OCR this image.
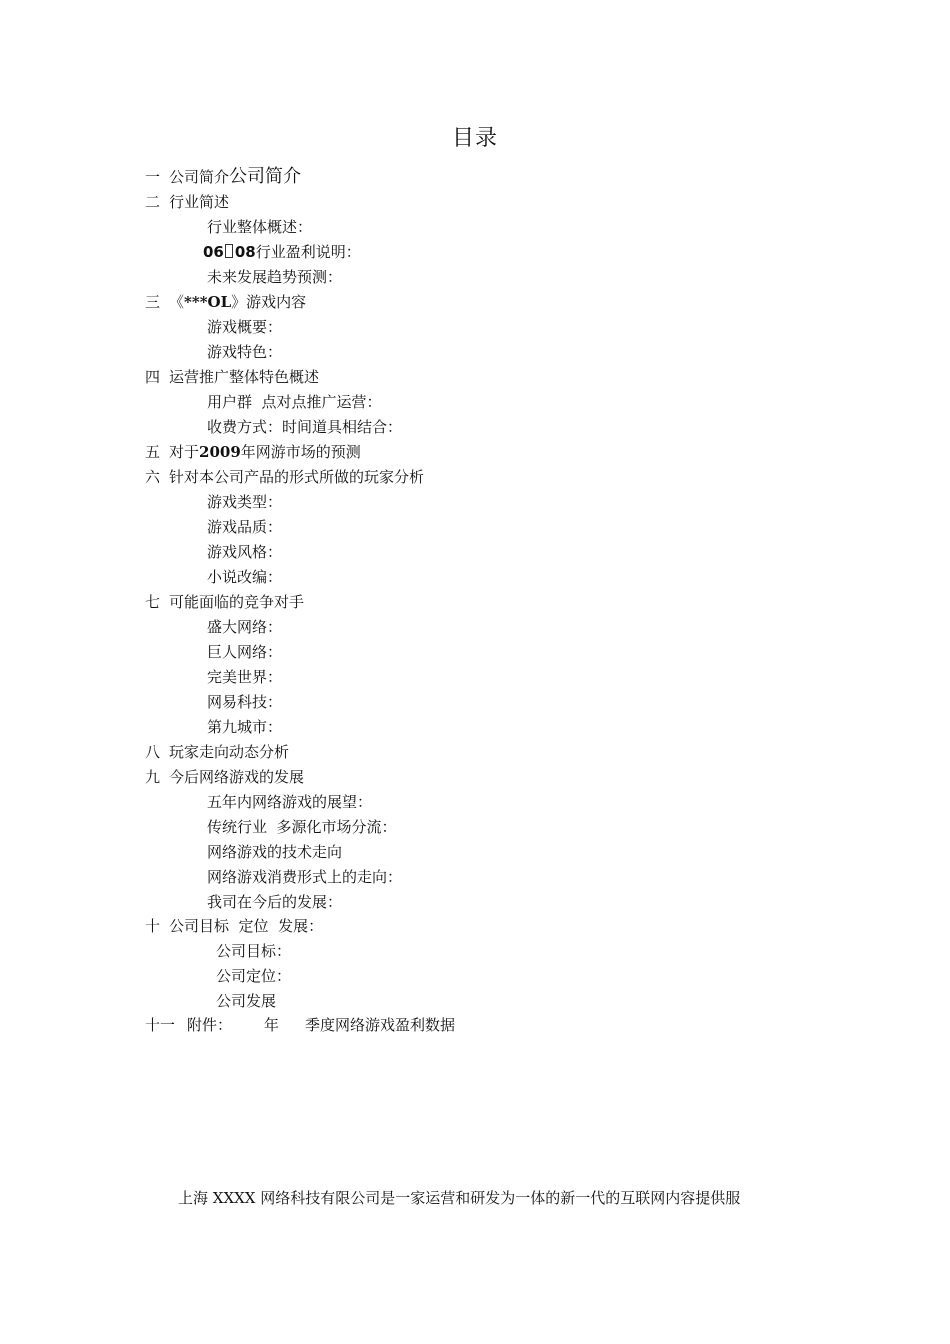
目录
一 公司简介公司简介
二 行业简述
行业整体概述：
06 08行业盈利说明：
未来发展趋势预测：
三 《***OL》游戏内容
游戏概要：
游戏特色：
四 运营推广整体特色概述
用户群  点对点推广运营：
收费方式：时间道具相结合：
五 对于2009年网游市场的预测
六 针对本公司产品的形式所做的玩家分析
游戏类型：
游戏品质：
游戏风格：
小说改编：
七 可能面临的竞争对手
盛大网络：
巨人网络：
完美世界：
网易科技：
第九城市：
八 玩家走向动态分析
九 今后网络游戏的发展
五年内网络游戏的展望：
传统行业  多源化市场分流：
网络游戏的技术走向
网络游戏消费形式上的走向：
我司在今后的发展：
十 公司目标  定位  发展：
公司目标：
公司定位：
公司发展
十一 附件： 年 季度网络游戏盈利数据
上海 XXXX 网络科技有限公司是一家运营和研发为一体的新一代的互联网内容提供服
